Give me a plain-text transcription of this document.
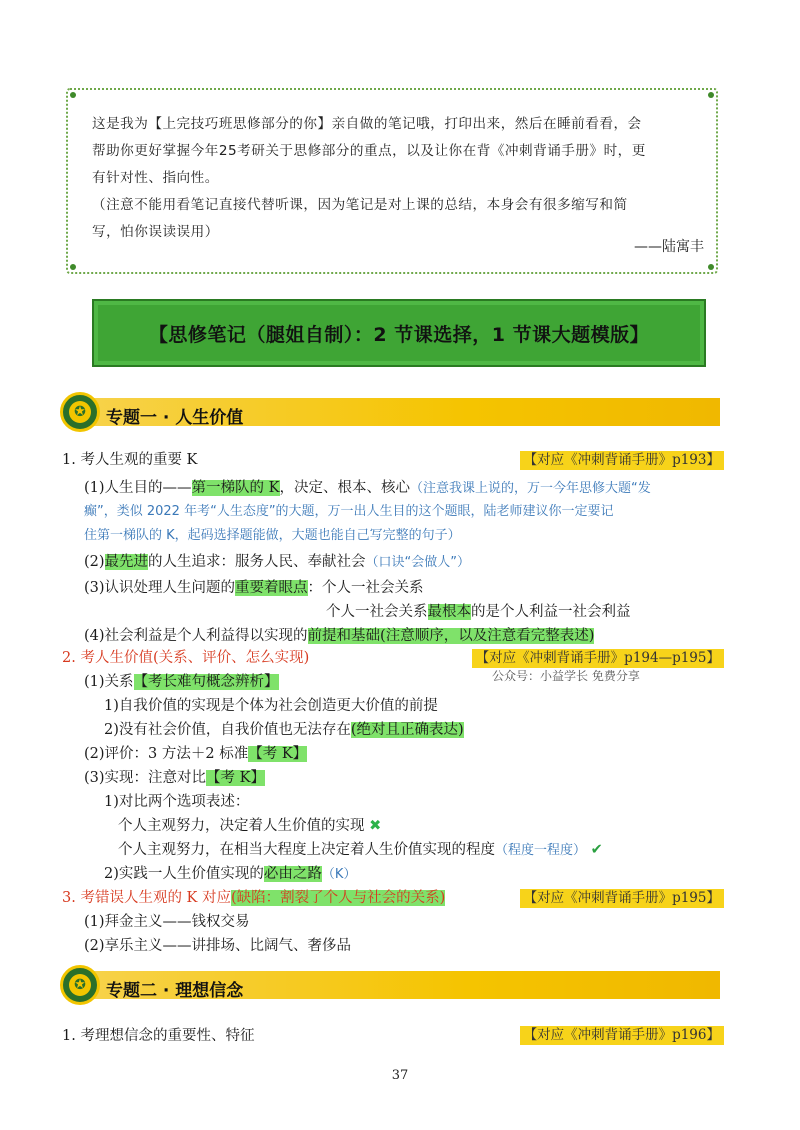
这是我为【上完技巧班思修部分的你】亲自做的笔记哦，打印出来，然后在睡前看看，会
帮助你更好掌握今年25考研关于思修部分的重点，以及让你在背《冲刺背诵手册》时，更
有针对性、指向性。
（注意不能用看笔记直接代替听课，因为笔记是对上课的总结，本身会有很多缩写和简
写，怕你误读误用）
——陆寓丰
【思修笔记（腿姐自制）：2 节课选择，1 节课大题模版】
✪	专题一 · 人生价值
1. 考人生观的重要 K	【对应《冲刺背诵手册》p193】
(1)人生目的——第一梯队的 K，决定、根本、核心（注意我课上说的，万一今年思修大题“发
癫”，类似 2022 年考“人生态度”的大题，万一出人生目的这个题眼，陆老师建议你一定要记
住第一梯队的 K，起码选择题能做，大题也能自己写完整的句子）
(2)最先进的人生追求：服务人民、奉献社会（口诀“会做人”）
(3)认识处理人生问题的重要着眼点：个人一社会关系
个人一社会关系最根本的是个人利益一社会利益
(4)社会利益是个人利益得以实现的前提和基础(注意顺序，以及注意看完整表述)
2. 考人生价值(关系、评价、怎么实现)	【对应《冲刺背诵手册》p194—p195】
公众号：小益学长 免费分享
(1)关系【考长难句概念辨析】
1)自我价值的实现是个体为社会创造更大价值的前提
2)没有社会价值，自我价值也无法存在(绝对且正确表达)
(2)评价：3 方法＋2 标准【考 K】
(3)实现：注意对比【考 K】
1)对比两个选项表述：
个人主观努力，决定着人生价值的实现 ✖
个人主观努力，在相当大程度上决定着人生价值实现的程度（程度一程度） ✔
2)实践一人生价值实现的必由之路（K）
3. 考错误人生观的 K 对应(缺陷：割裂了个人与社会的关系)	【对应《冲刺背诵手册》p195】
(1)拜金主义——钱权交易
(2)享乐主义——讲排场、比阔气、奢侈品
✪	专题二 · 理想信念
1. 考理想信念的重要性、特征	【对应《冲刺背诵手册》p196】
37
